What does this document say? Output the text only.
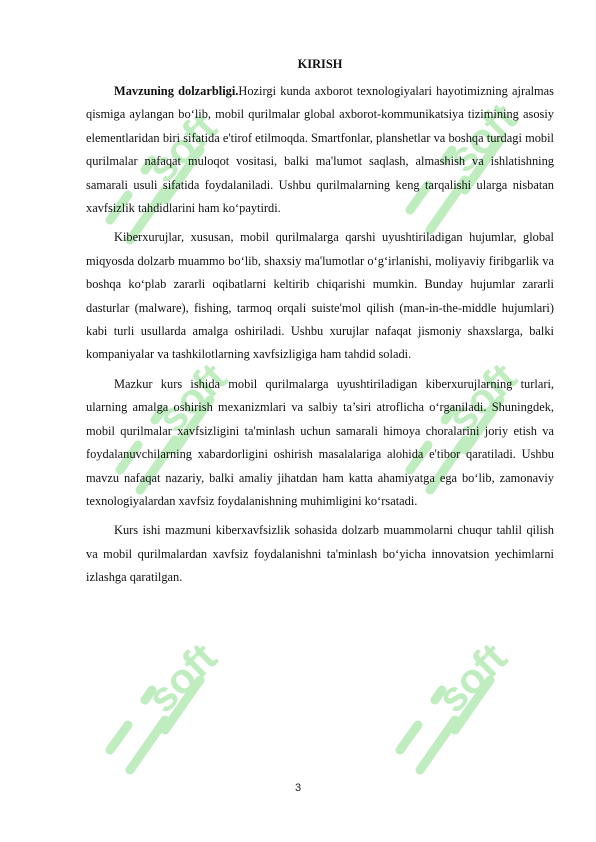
soft	soft
soft	soft
soft	soft
KIRISH

Mavzuning dolzarbligi.Hozirgi kunda axborot texnologiyalari hayotimizning ajralmas qismiga aylangan bo‘lib, mobil qurilmalar global axborot-kommunikatsiya tizimining asosiy elementlaridan biri sifatida e'tirof etilmoqda. Smartfonlar, planshetlar va boshqa turdagi mobil qurilmalar nafaqat muloqot vositasi, balki ma'lumot saqlash, almashish va ishlatishning samarali usuli sifatida foydalaniladi. Ushbu qurilmalarning keng tarqalishi ularga nisbatan xavfsizlik tahdidlarini ham ko‘paytirdi.

Kiberxurujlar, xususan, mobil qurilmalarga qarshi uyushtiriladigan hujumlar, global miqyosda dolzarb muammo bo‘lib, shaxsiy ma'lumotlar o‘g‘irlanishi, moliyaviy firibgarlik va boshqa ko‘plab zararli oqibatlarni keltirib chiqarishi mumkin. Bunday hujumlar zararli dasturlar (malware), fishing, tarmoq orqali suiste'mol qilish (man-in-the-middle hujumlari) kabi turli usullarda amalga oshiriladi. Ushbu xurujlar nafaqat jismoniy shaxslarga, balki kompaniyalar va tashkilotlarning xavfsizligiga ham tahdid soladi.

Mazkur kurs ishida mobil qurilmalarga uyushtiriladigan kiberxurujlarning turlari, ularning amalga oshirish mexanizmlari va salbiy ta’siri atroflicha o‘rganiladi. Shuningdek, mobil qurilmalar xavfsizligini ta'minlash uchun samarali himoya choralarini joriy etish va foydalanuvchilarning xabardorligini oshirish masalalariga alohida e'tibor qaratiladi. Ushbu mavzu nafaqat nazariy, balki amaliy jihatdan ham katta ahamiyatga ega bo‘lib, zamonaviy texnologiyalardan xavfsiz foydalanishning muhimligini ko‘rsatadi.

Kurs ishi mazmuni kiberxavfsizlik sohasida dolzarb muammolarni chuqur tahlil qilish va mobil qurilmalardan xavfsiz foydalanishni ta'minlash bo‘yicha innovatsion yechimlarni izlashga qaratilgan.

3
